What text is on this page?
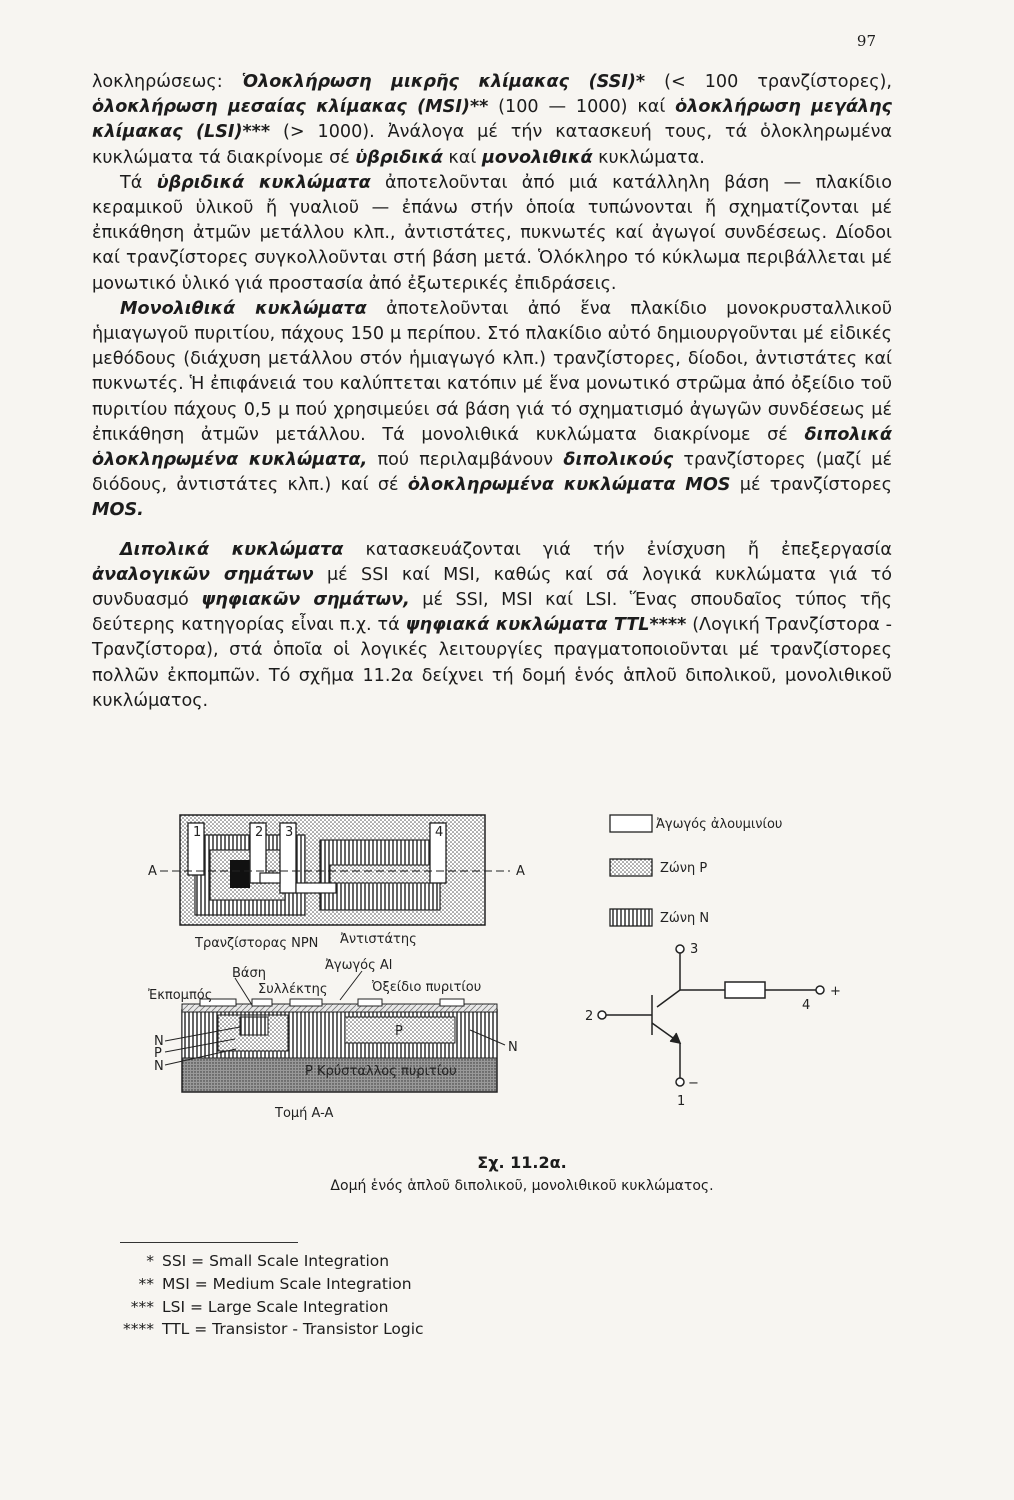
97

λοκληρώσεως: Ὁλοκλήρωση μικρῆς κλίμακας (SSI)* (< 100 τρανζίστορες), ὁλοκλήρωση μεσαίας κλίμακας (MSI)** (100 — 1000) καί ὁλοκλήρωση μεγάλης κλίμακας (LSI)*** (> 1000). Ἀνάλογα μέ τήν κατασκευή τους, τά ὁλοκληρωμένα κυκλώματα τά διακρίνομε σέ ὑβριδικά καί μονολιθικά κυκλώματα.

Τά ὑβριδικά κυκλώματα ἀποτελοῦνται ἀπό μιά κατάλληλη βάση — πλακίδιο κεραμικοῦ ὑλικοῦ ἤ γυαλιοῦ — ἐπάνω στήν ὁποία τυπώνονται ἤ σχηματίζονται μέ ἐπικάθηση ἀτμῶν μετάλλου κλπ., ἀντιστάτες, πυκνωτές καί ἀγωγοί συνδέσεως. Δίοδοι καί τρανζίστορες συγκολλοῦνται στή βάση μετά. Ὁλόκληρο τό κύκλωμα περιβάλλεται μέ μονωτικό ὑλικό γιά προστασία ἀπό ἐξωτερικές ἐπιδράσεις.

Μονολιθικά κυκλώματα ἀποτελοῦνται ἀπό ἕνα πλακίδιο μονοκρυσταλλικοῦ ἡμιαγωγοῦ πυριτίου, πάχους 150 μ περίπου. Στό πλακίδιο αὐτό δημιουργοῦνται μέ εἰδικές μεθόδους (διάχυση μετάλλου στόν ἡμιαγωγό κλπ.) τρανζίστορες, δίοδοι, ἀντιστάτες καί πυκνωτές. Ἡ ἐπιφάνειά του καλύπτεται κατόπιν μέ ἕνα μονωτικό στρῶμα ἀπό ὀξείδιο τοῦ πυριτίου πάχους 0,5 μ πού χρησιμεύει σά βάση γιά τό σχηματισμό ἀγωγῶν συνδέσεως μέ ἐπικάθηση ἀτμῶν μετάλλου. Τά μονολιθικά κυκλώματα διακρίνομε σέ διπολικά ὁλοκληρωμένα κυκλώματα, πού περιλαμβάνουν διπολικούς τρανζίστορες (μαζί μέ διόδους, ἀντιστάτες κλπ.) καί σέ ὁλοκληρωμένα κυκλώματα MOS μέ τρανζίστορες MOS.

Διπολικά κυκλώματα κατασκευάζονται γιά τήν ἐνίσχυση ἤ ἐπεξεργασία ἀναλογικῶν σημάτων μέ SSI καί MSI, καθώς καί σά λογικά κυκλώματα γιά τό συνδυασμό ψηφιακῶν σημάτων, μέ SSI, MSI καί LSI. Ἕνας σπουδαῖος τύπος τῆς δεύτερης κατηγορίας εἶναι π.χ. τά ψηφιακά κυκλώματα TTL**** (Λογική Τρανζίστορα - Τρανζίστορα), στά ὁποῖα οἱ λογικές λειτουργίες πραγματοποιοῦνται μέ τρανζίστορες πολλῶν ἐκπομπῶν. Τό σχῆμα 11.2α δείχνει τή δομή ἑνός ἁπλοῦ διπολικοῦ, μονολιθικοῦ κυκλώματος.

A	A
1	2 3	4
Τρανζίστορας NPN Ἀντιστάτης
Βάση
Ἀγωγός Al
Ἐκπομπός	Συλλέκτης	Ὀξείδιο πυριτίου
N
P
N
P
N
P Κρύσταλλος πυριτίου
Τομή A-A
Ἀγωγός ἀλουμινίου
Ζώνη P
Ζώνη N
3
2
4
+
−
1
Σχ. 11.2α.
Δομή ἑνός ἁπλοῦ διπολικοῦ, μονολιθικοῦ κυκλώματος.
* SSI = Small Scale Integration
** MSI = Medium Scale Integration
*** LSI = Large Scale Integration
**** TTL = Transistor - Transistor Logic
